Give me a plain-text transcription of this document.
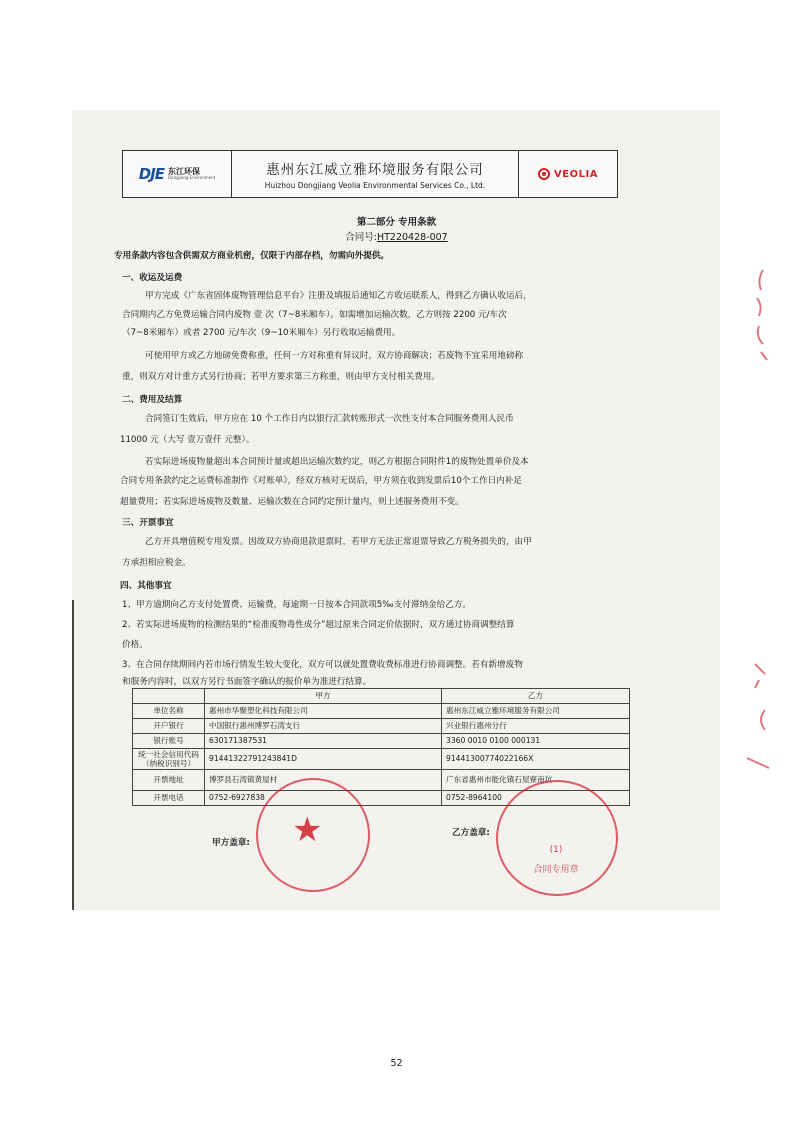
DJE 东江环保
Dongjiang Environment	惠州东江威立雅环境服务有限公司
Huizhou Dongjiang Veolia Environmental Services Co., Ltd.
VEOLIA
第二部分 专用条款
合同号:HT220428-007
专用条款内容包含供需双方商业机密，仅限于内部存档，勿需向外提供。
一、收运及运费
甲方完成《广东省固体废物管理信息平台》注册及填报后通知乙方收运联系人，得到乙方确认收运后，
合同期内乙方免费运输合同内废物 壹 次（7~8米厢车）。如需增加运输次数，乙方则按 2200 元/车次
（7~8米厢车）或者 2700 元/车次（9~10米厢车）另行收取运输费用。
可使用甲方或乙方地磅免费称重，任何一方对称重有异议时，双方协商解决；若废物不宜采用地磅称
重，则双方对计重方式另行协商；若甲方要求第三方称重，则由甲方支付相关费用。
二、费用及结算
合同签订生效后，甲方应在 10 个工作日内以银行汇款转账形式一次性支付本合同服务费用人民币
11000 元（大写 壹万壹仟 元整）。
若实际进场废物量超出本合同预计量或超出运输次数约定，则乙方根据合同附件1的废物处置单价及本
合同专用条款约定之运费标准制作《对账单》，经双方核对无误后，甲方须在收到发票后10个工作日内补足
超量费用；若实际进场废物及数量、运输次数在合同约定预计量内，则上述服务费用不变。
三、开票事宜
乙方开具增值税专用发票。因故双方协商退款退票时，若甲方无法正常退票导致乙方税务损失的，由甲
方承担相应税金。
四、其他事宜
1、甲方逾期向乙方支付处置费、运输费，每逾期一日按本合同款项5‰支付滞纳金给乙方。
2、若实际进场废物的检测结果的“检准废物毒性成分”超过原来合同定价依据时，双方通过协商调整结算
价格。
3、在合同存续期间内若市场行情发生较大变化，双方可以就处置费收费标准进行协商调整。若有新增废物
和服务内容时，以双方另行书面签字确认的报价单为准进行结算。
	甲方	乙方
单位名称	惠州市华聚塑化科技有限公司	惠州东江威立雅环境服务有限公司
开户银行	中国银行惠州博罗石湾支行	兴业银行惠州分行
银行账号	630171387531	3360 0010 0100 000131

统一社会信用代码
（纳税识别号）	91441322791243841D	91441300774022166X
开票地址	博罗县石湾镇黄屋村	广东省惠州市能化镇石屋寮南坑
开票电话	0752-6927838	0752-8964100
甲方盖章:
乙方盖章:
★	(1)
合同专用章
52
